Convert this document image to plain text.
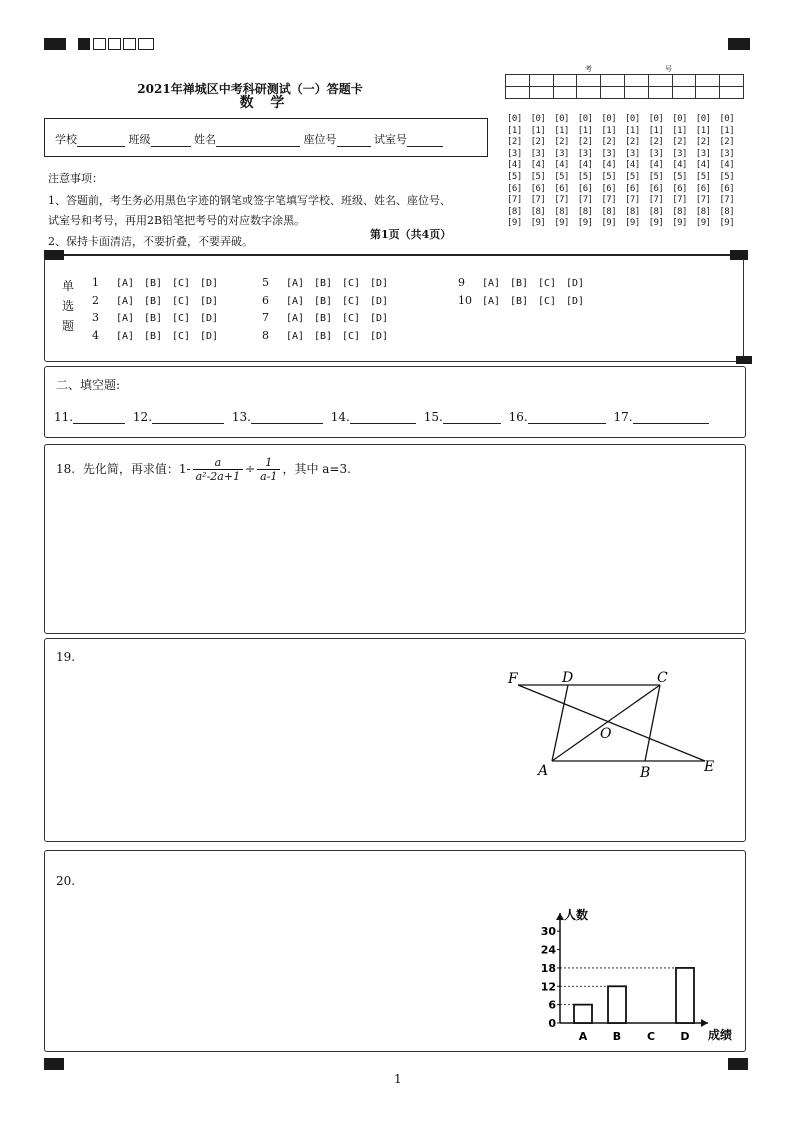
2021年禅城区中考科研测试（一）答题卡
数 学
学校	班级	姓名	座位号	试室号
考	号
[0] [0] [0] [0] [0] [0] [0] [0] [0] [0]
[1] [1] [1] [1] [1] [1] [1] [1] [1] [1]
[2] [2] [2] [2] [2] [2] [2] [2] [2] [2]
[3] [3] [3] [3] [3] [3] [3] [3] [3] [3]
[4] [4] [4] [4] [4] [4] [4] [4] [4] [4]
[5] [5] [5] [5] [5] [5] [5] [5] [5] [5]
[6] [6] [6] [6] [6] [6] [6] [6] [6] [6]
[7] [7] [7] [7] [7] [7] [7] [7] [7] [7]
[8] [8] [8] [8] [8] [8] [8] [8] [8] [8]
[9] [9] [9] [9] [9] [9] [9] [9] [9] [9]
注意事项：
1、答题前，考生务必用黑色字迹的钢笔或签字笔填写学校、班级、姓名、座位号、
试室号和考号，再用2B铅笔把考号的对应数字涂黑。
2、保持卡面清洁，不要折叠，不要弄破。
第1页（共4页）
单
选
题
1 [A] [B] [C] [D]
2 [A] [B] [C] [D]
3 [A] [B] [C] [D]
4 [A] [B] [C] [D]
5 [A] [B] [C] [D]
6 [A] [B] [C] [D]
7 [A] [B] [C] [D]
8 [A] [B] [C] [D]
9 [A] [B] [C] [D]
10 [A] [B] [C] [D]
二、填空题:
11.	12.	13.	14.	15.	16.	17.
18. 先化简，再求值：$1- \frac{a}{\text{a²-2a+1}} \div \frac{1}{a-1}$ ，其中 a=3.
19.
F	D	C
O
A	B	E
20.
人数
成绩
0
6
12
18
24
30
A B C D
1
